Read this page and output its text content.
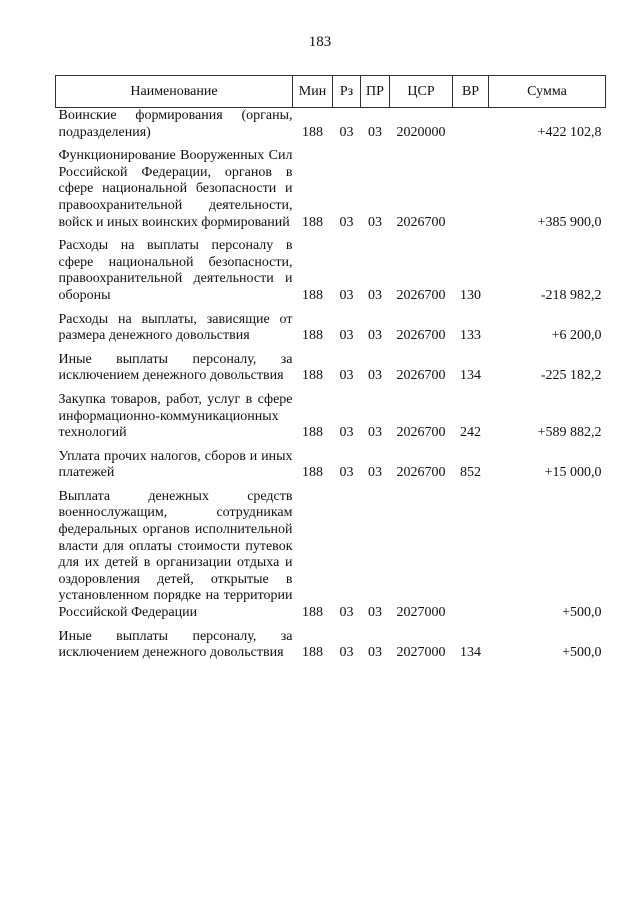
183
Наименование	Мин	Рз	ПР	ЦСР	ВР	Сумма

Воинские формирования (органы, подразделения)	188	03	03	2020000		+422 102,8

Функционирование Вооруженных Сил Российской Федерации, органов в сфере национальной безопасности и правоохранительной деятельности, войск и иных воинских формирований	188	03	03	2026700		+385 900,0

Расходы на выплаты персоналу в сфере национальной безопасности, правоохранительной деятельности и обороны	188	03	03	2026700	130	-218 982,2

Расходы на выплаты, зависящие от размера денежного довольствия	188	03	03	2026700	133	+6 200,0

Иные выплаты персоналу, за исключением денежного довольствия	188	03	03	2026700	134	-225 182,2

Закупка товаров, работ, услуг в сфере информационно-коммуникационных технологий	188	03	03	2026700	242	+589 882,2

Уплата прочих налогов, сборов и иных платежей	188	03	03	2026700	852	+15 000,0

Выплата денежных средств военнослужащим, сотрудникам федеральных органов исполнительной власти для оплаты стоимости путевок для их детей в организации отдыха и оздоровления детей, открытые в установленном порядке на территории Российской Федерации	188	03	03	2027000		+500,0

Иные выплаты персоналу, за исключением денежного довольствия	188	03	03	2027000	134	+500,0
